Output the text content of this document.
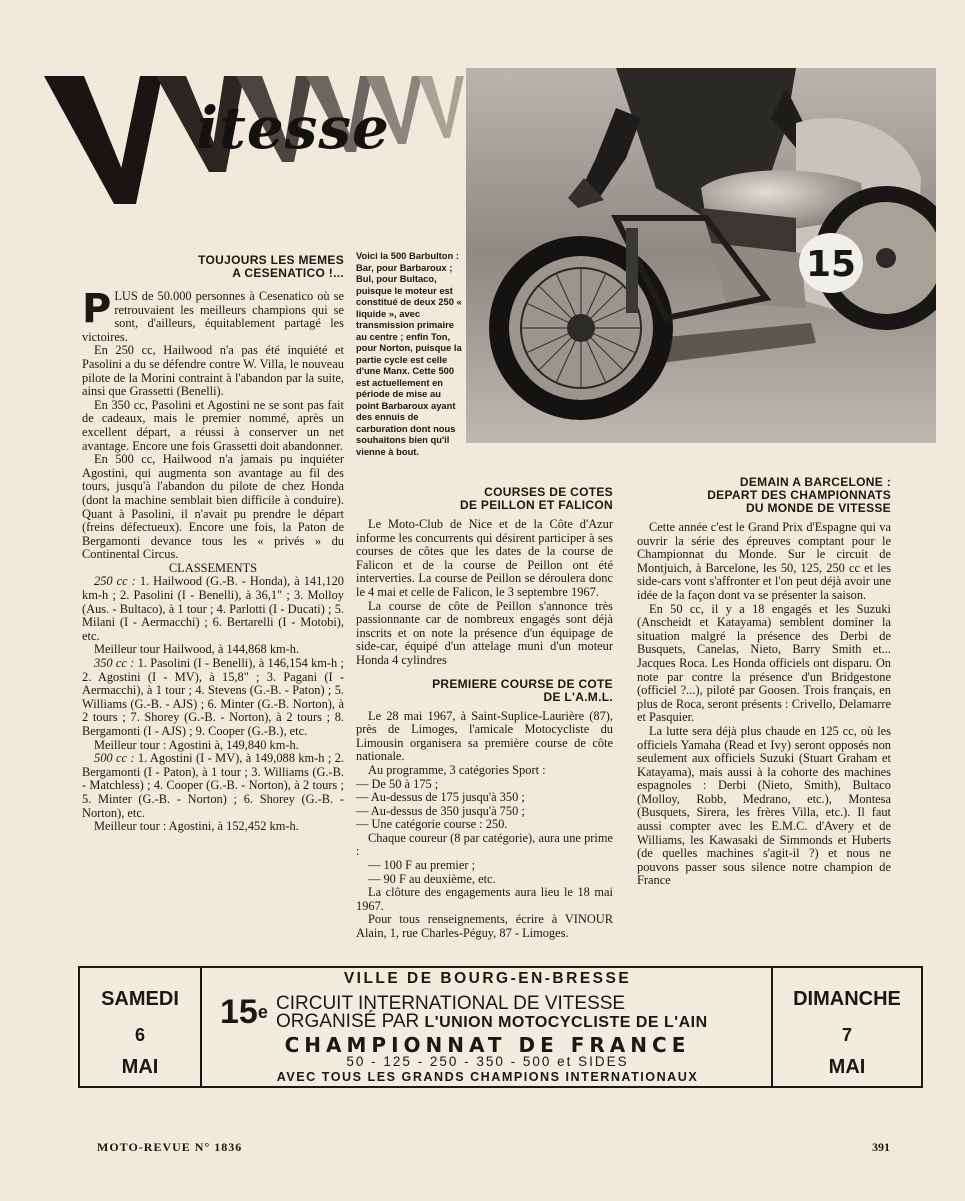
itesse
15
TOUJOURS LES MEMES
A CESENATICO !...

PLUS de 50.000 personnes à Cesenatico où se retrouvaient les meilleurs champions qui se sont, d'ailleurs, équitablement partagé les victoires.

En 250 cc, Hailwood n'a pas été inquiété et Pasolini a du se défendre contre W. Villa, le nouveau pilote de la Morini contraint à l'abandon par la suite, ainsi que Grassetti (Benelli).

En 350 cc, Pasolini et Agostini ne se sont pas fait de cadeaux, mais le premier nommé, après un excellent départ, a réussi à conserver un net avantage. Encore une fois Grassetti doit abandonner.

En 500 cc, Hailwood n'a jamais pu inquiéter Agostini, qui augmenta son avantage au fil des tours, jusqu'à l'abandon du pilote de chez Honda (dont la machine semblait bien difficile à conduire). Quant à Pasolini, il n'avait pu prendre le départ (freins défectueux). Encore une fois, la Paton de Bergamonti devance tous les « privés » du Continental Circus.

CLASSEMENTS

250 cc : 1. Hailwood (G.-B. - Honda), à 141,120 km-h ; 2. Pasolini (I - Benelli), à 36,1" ; 3. Molloy (Aus. - Bultaco), à 1 tour ; 4. Parlotti (I - Ducati) ; 5. Milani (I - Aermacchi) ; 6. Bertarelli (I - Motobi), etc.

Meilleur tour Hailwood, à 144,868 km-h.

350 cc : 1. Pasolini (I - Benelli), à 146,154 km-h ; 2. Agostini (I - MV), à 15,8" ; 3. Pagani (I - Aermacchi), à 1 tour ; 4. Stevens (G.-B. - Paton) ; 5. Williams (G.-B. - AJS) ; 6. Minter (G.-B. Norton), à 2 tours ; 7. Shorey (G.-B. - Norton), à 2 tours ; 8. Bergamonti (I - AJS) ; 9. Cooper (G.-B.), etc.

Meilleur tour : Agostini à, 149,840 km-h.

500 cc : 1. Agostini (I - MV), à 149,088 km-h ; 2. Bergamonti (I - Paton), à 1 tour ; 3. Williams (G.-B. - Matchless) ; 4. Cooper (G.-B. - Norton), à 2 tours ; 5. Minter (G.-B. - Norton) ; 6. Shorey (G.-B. - Norton), etc.

Meilleur tour : Agostini, à 152,452 km-h.

Voici la 500 Barbulton : Bar, pour Barbaroux ; Bul, pour Bultaco, puisque le moteur est constitué de deux 250 « liquide », avec transmission primaire au centre ; enfin Ton, pour Norton, puisque la partie cycle est celle d'une Manx. Cette 500 est actuellement en période de mise au point Barbaroux ayant des ennuis de carburation dont nous souhaitons bien qu'il vienne à bout.
COURSES DE COTES
DE PEILLON ET FALICON

Le Moto-Club de Nice et de la Côte d'Azur informe les concurrents qui désirent participer à ses courses de côtes que les dates de la course de Falicon et de la course de Peillon ont été interverties. La course de Peillon se déroulera donc le 4 mai et celle de Falicon, le 3 septembre 1967.

La course de côte de Peillon s'annonce très passionnante car de nombreux engagés sont déjà inscrits et on note la présence d'un équipage de side-car, équipé d'un attelage muni d'un moteur Honda 4 cylindres

PREMIERE COURSE DE COTE
DE L'A.M.L.

Le 28 mai 1967, à Saint-Suplice-Laurière (87), près de Limoges, l'amicale Motocycliste du Limousin organisera sa première course de côte nationale.

Au programme, 3 catégories Sport :

— De 50 à 175 ;

— Au-dessus de 175 jusqu'à 350 ;

— Au-dessus de 350 jusqu'à 750 ;

— Une catégorie course : 250.

Chaque coureur (8 par catégorie), aura une prime :

— 100 F au premier ;

— 90 F au deuxième, etc.

La clôture des engagements aura lieu le 18 mai 1967.

Pour tous renseignements, écrire à VINOUR Alain, 1, rue Charles-Péguy, 87 - Limoges.

DEMAIN A BARCELONE :
DEPART DES CHAMPIONNATS
DU MONDE DE VITESSE

Cette année c'est le Grand Prix d'Espagne qui va ouvrir la série des épreuves comptant pour le Championnat du Monde. Sur le circuit de Montjuich, à Barcelone, les 50, 125, 250 cc et les side-cars vont s'affronter et l'on peut déjà avoir une idée de la façon dont va se présenter la saison.

En 50 cc, il y a 18 engagés et les Suzuki (Anscheidt et Katayama) semblent dominer la situation malgré la présence des Derbi de Busquets, Canelas, Nieto, Barry Smith et... Jacques Roca. Les Honda officiels ont disparu. On note par contre la présence d'un Bridgestone (officiel ?...), piloté par Goosen. Trois français, en plus de Roca, seront présents : Crivello, Delamarre et Pasquier.

La lutte sera déjà plus chaude en 125 cc, où les officiels Yamaha (Read et Ivy) seront opposés non seulement aux officiels Suzuki (Stuart Graham et Katayama), mais aussi à la cohorte des machines espagnoles : Derbi (Nieto, Smith), Bultaco (Molloy, Robb, Medrano, etc.), Montesa (Busquets, Sirera, les frères Villa, etc.). Il faut aussi compter avec les E.M.C. d'Avery et de Williams, les Kawasaki de Simmonds et Huberts (de quelles machines s'agit-il ?) et nous ne pouvons passer sous silence notre champion de France

SAMEDI
6
MAI
VILLE DE BOURG-EN-BRESSE
15e CIRCUIT INTERNATIONAL DE VITESSE
ORGANISÉ PAR L'UNION MOTOCYCLISTE DE L'AIN
CHAMPIONNAT DE FRANCE
50 - 125 - 250 - 350 - 500 et SIDES
AVEC TOUS LES GRANDS CHAMPIONS INTERNATIONAUX
DIMANCHE
7
MAI
MOTO-REVUE N° 1836	391
